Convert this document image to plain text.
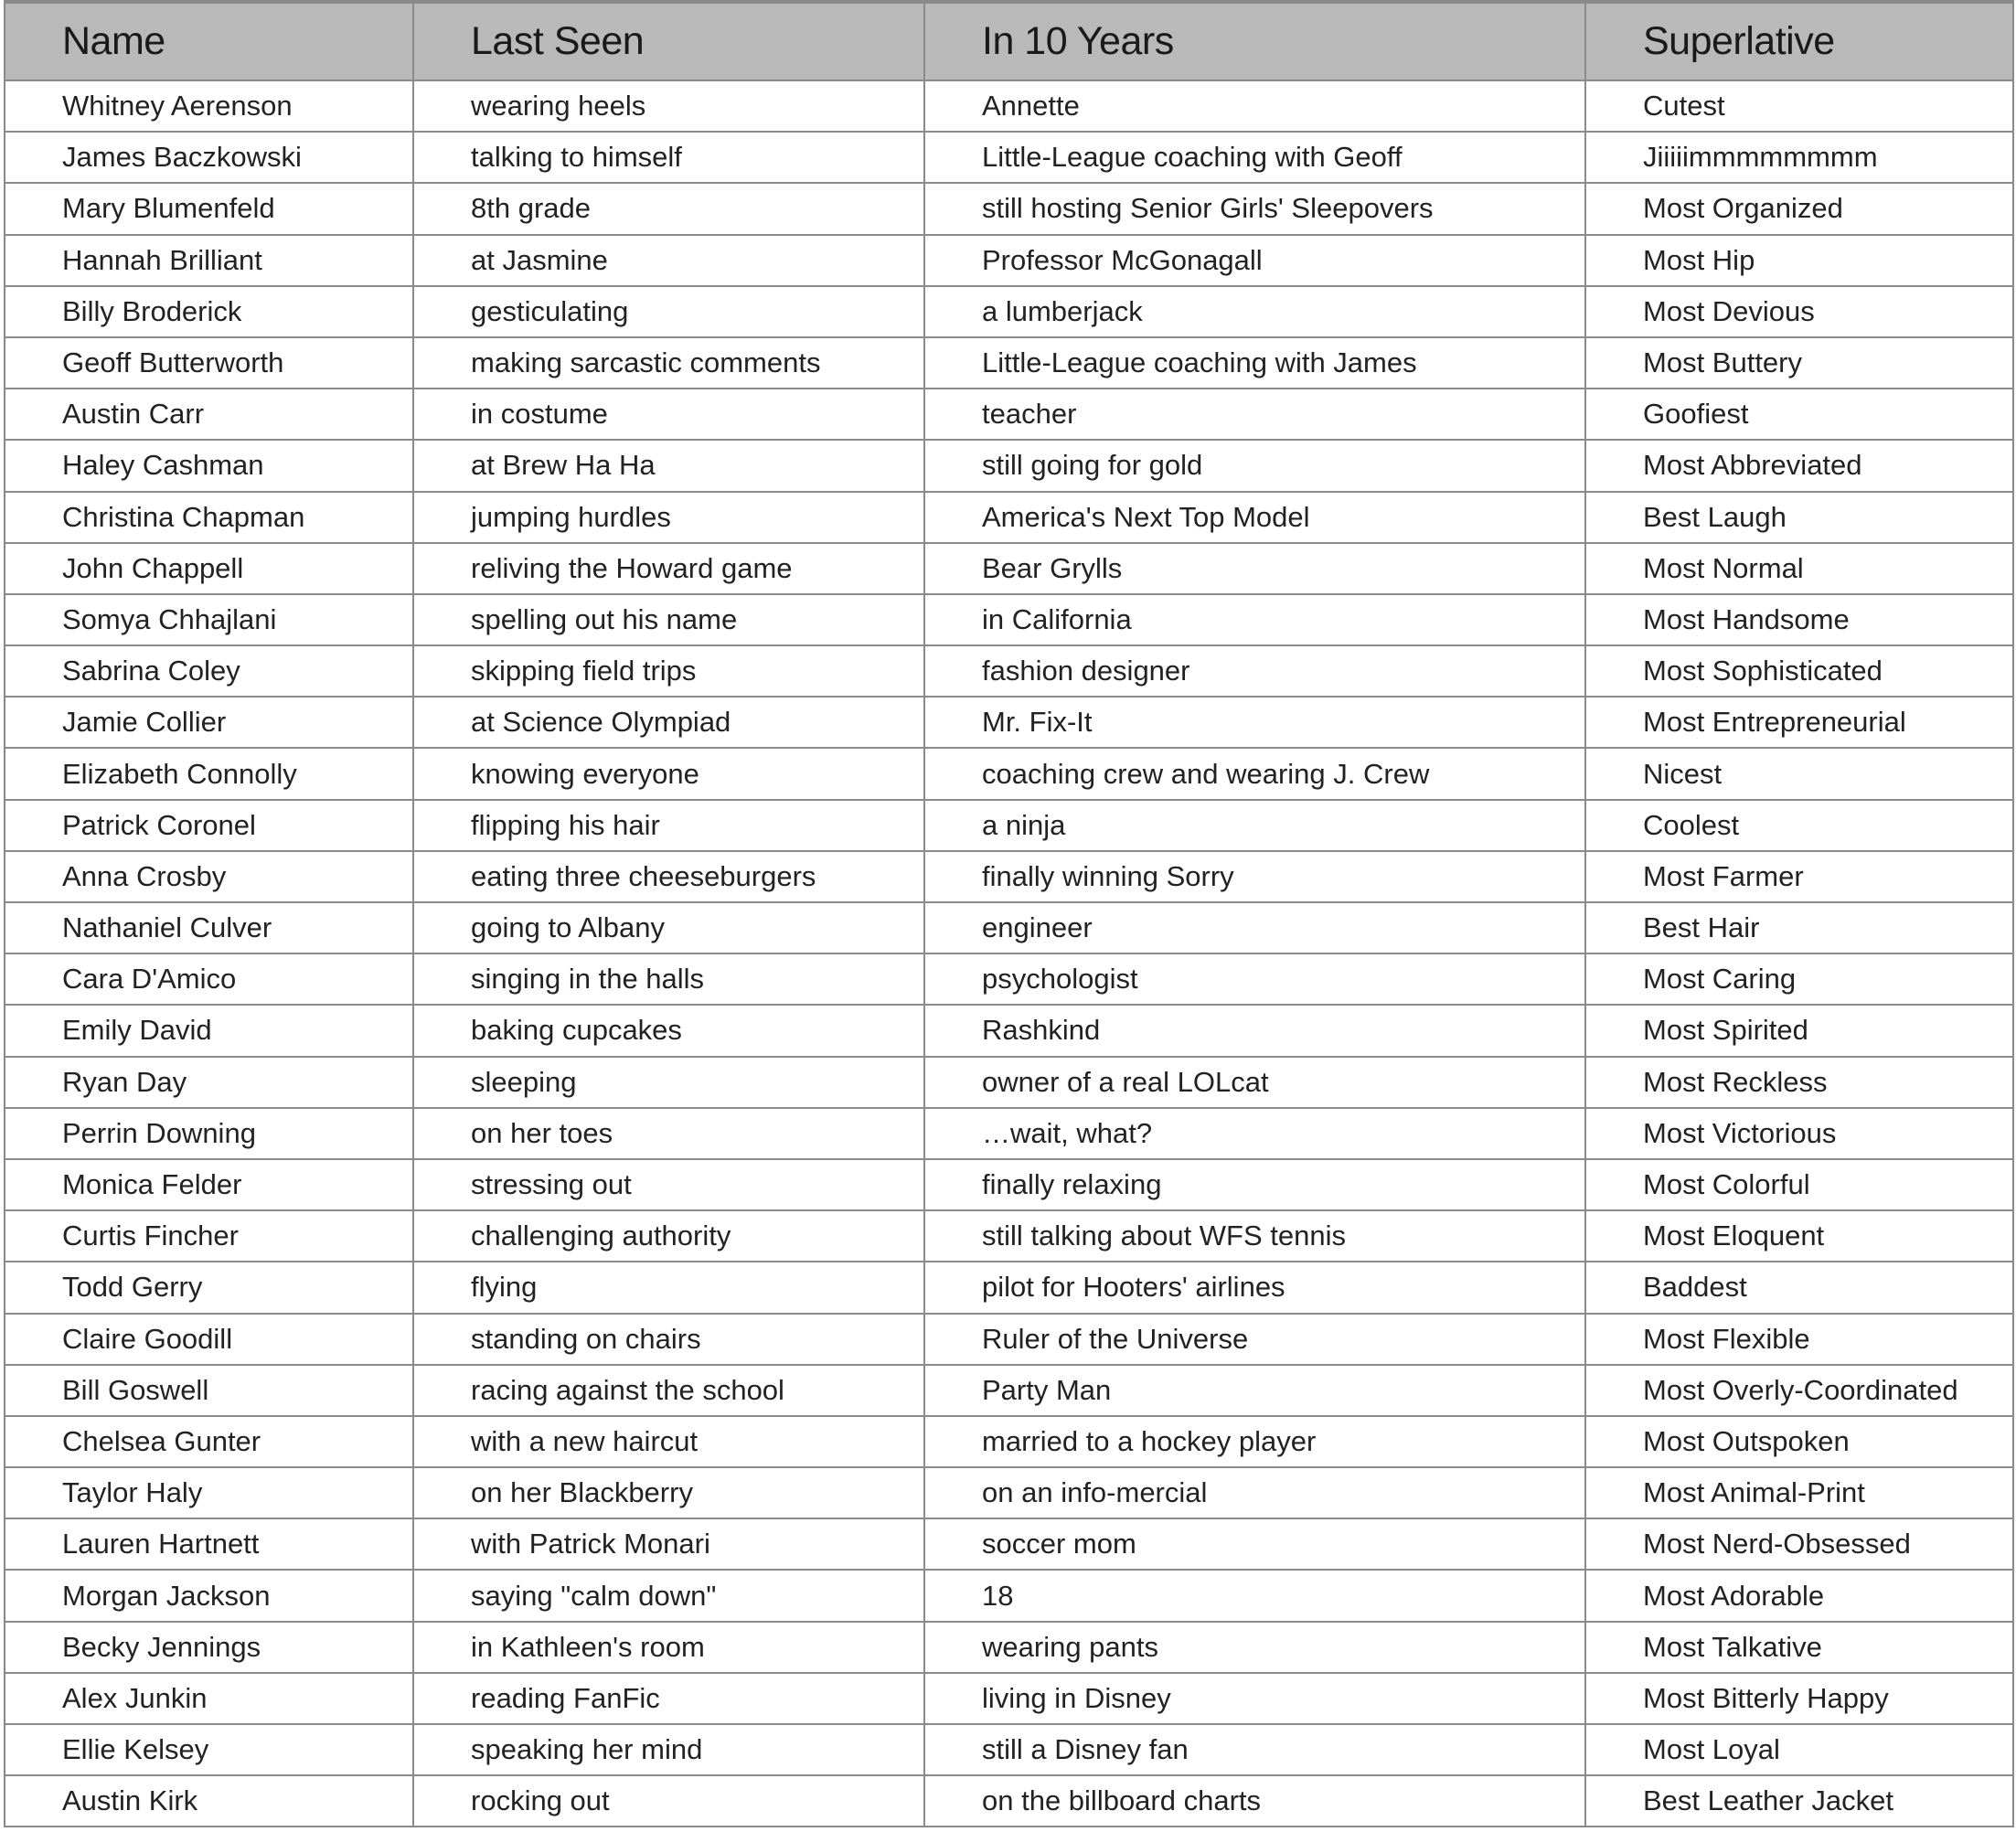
Name	Last Seen	In 10 Years	Superlative
Whitney Aerenson	wearing heels	Annette	Cutest
James Baczkowski	talking to himself	Little-League coaching with Geoff	Jiiiiimmmmmmmm
Mary Blumenfeld	8th grade	still hosting Senior Girls' Sleepovers	Most Organized
Hannah Brilliant	at Jasmine	Professor McGonagall	Most Hip
Billy Broderick	gesticulating	a lumberjack	Most Devious
Geoff Butterworth	making sarcastic comments	Little-League coaching with James	Most Buttery
Austin Carr	in costume	teacher	Goofiest
Haley Cashman	at Brew Ha Ha	still going for gold	Most Abbreviated
Christina Chapman	jumping hurdles	America's Next Top Model	Best Laugh
John Chappell	reliving the Howard game	Bear Grylls	Most Normal
Somya Chhajlani	spelling out his name	in California	Most Handsome
Sabrina Coley	skipping field trips	fashion designer	Most Sophisticated
Jamie Collier	at Science Olympiad	Mr. Fix-It	Most Entrepreneurial
Elizabeth Connolly	knowing everyone	coaching crew and wearing J. Crew	Nicest
Patrick Coronel	flipping his hair	a ninja	Coolest
Anna Crosby	eating three cheeseburgers	finally winning Sorry	Most Farmer
Nathaniel Culver	going to Albany	engineer	Best Hair
Cara D'Amico	singing in the halls	psychologist	Most Caring
Emily David	baking cupcakes	Rashkind	Most Spirited
Ryan Day	sleeping	owner of a real LOLcat	Most Reckless
Perrin Downing	on her toes	…wait, what?	Most Victorious
Monica Felder	stressing out	finally relaxing	Most Colorful
Curtis Fincher	challenging authority	still talking about WFS tennis	Most Eloquent
Todd Gerry	flying	pilot for Hooters' airlines	Baddest
Claire Goodill	standing on chairs	Ruler of the Universe	Most Flexible
Bill Goswell	racing against the school	Party Man	Most Overly-Coordinated
Chelsea Gunter	with a new haircut	married to a hockey player	Most Outspoken
Taylor Haly	on her Blackberry	on an info-mercial	Most Animal-Print
Lauren Hartnett	with Patrick Monari	soccer mom	Most Nerd-Obsessed
Morgan Jackson	saying "calm down"	18	Most Adorable
Becky Jennings	in Kathleen's room	wearing pants	Most Talkative
Alex Junkin	reading FanFic	living in Disney	Most Bitterly Happy
Ellie Kelsey	speaking her mind	still a Disney fan	Most Loyal
Austin Kirk	rocking out	on the billboard charts	Best Leather Jacket
